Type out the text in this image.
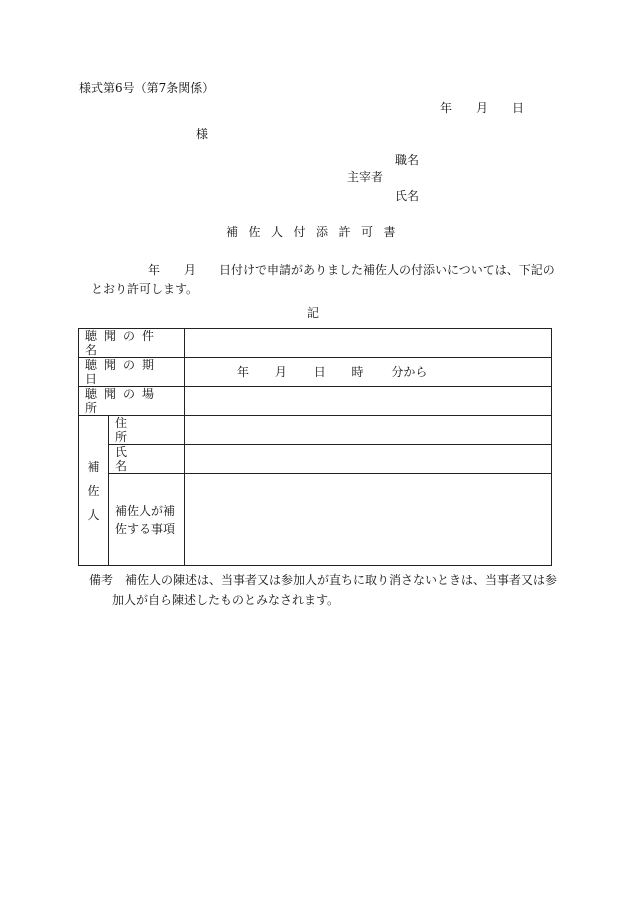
様式第6号（第7条関係）
年 月 日
様
職名
主宰者
氏名
補佐人付添許可書
年 月 日付けで申請がありました補佐人の付添いについては、下記の
とおり許可します。
記
聴聞の件名		
聴聞の期日		年 月 日 時 分から
聴聞の場所		

補
佐
人	住所	
	氏名	
	補佐人が補佐する事項	
備考 補佐人の陳述は、当事者又は参加人が直ちに取り消さないときは、当事者又は参
加人が自ら陳述したものとみなされます。
